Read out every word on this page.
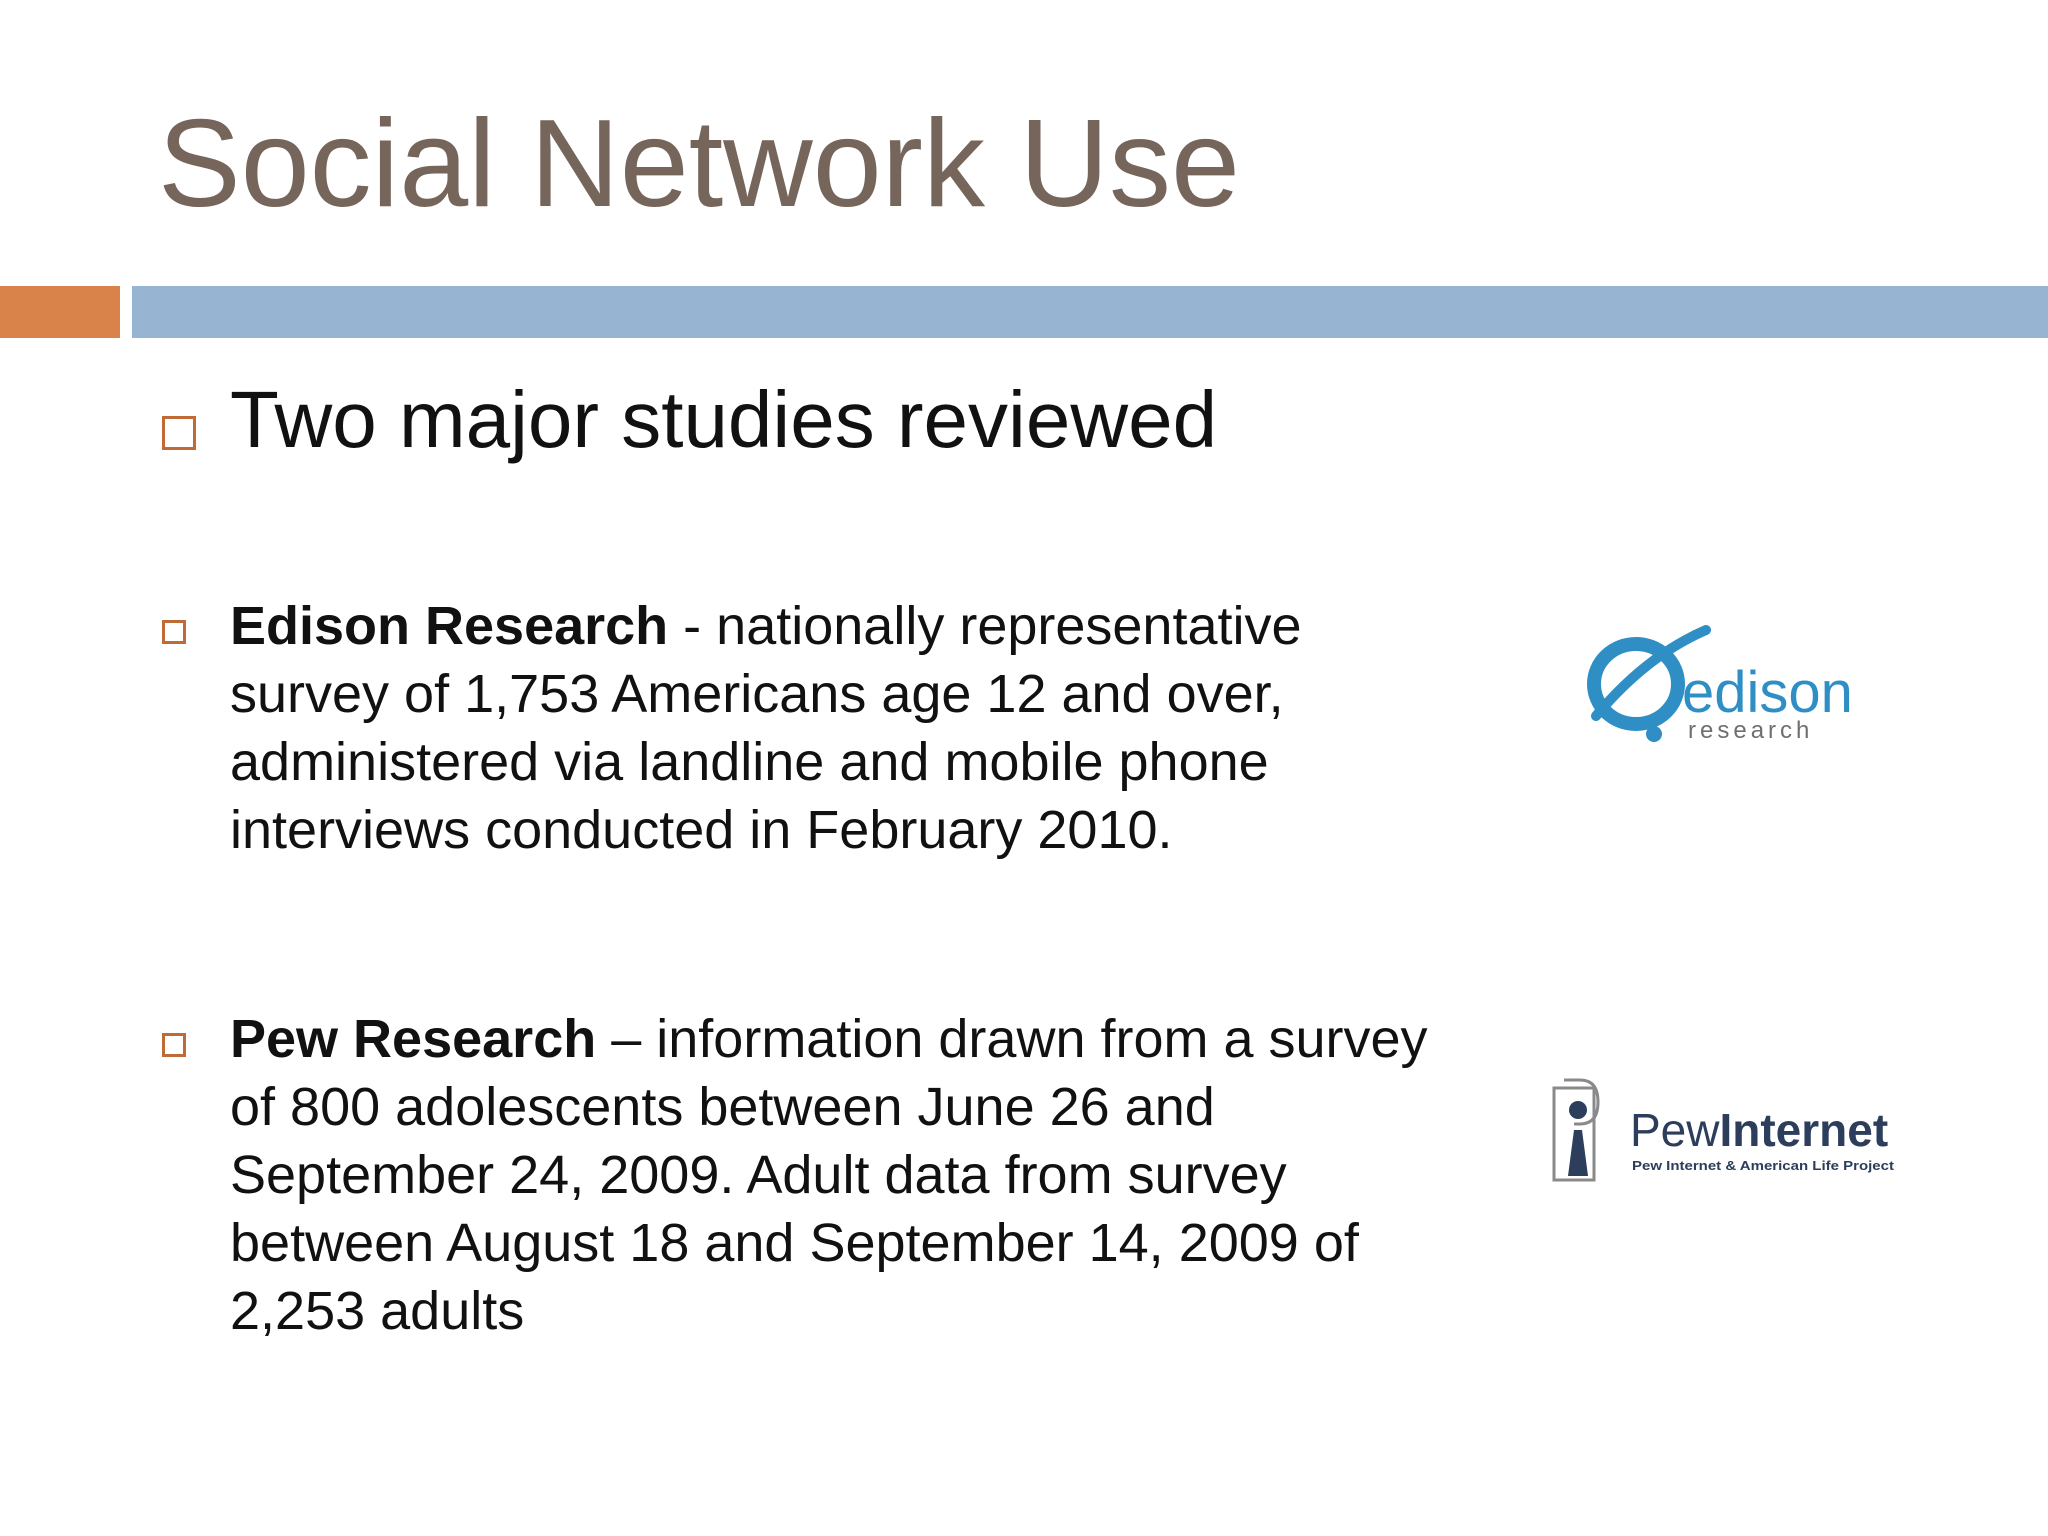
Social Network Use
Two major studies reviewed

Edison Research - nationally representative survey of 1,753 Americans age 12 and over, administered via landline and mobile phone interviews conducted in February 2010.

Pew Research – information drawn from a survey of 800 adolescents between June 26 and September 24, 2009. Adult data from survey between August 18 and September 14, 2009 of 2,253 adults

edison
research
PewInternet
Pew Internet & American Life Project
